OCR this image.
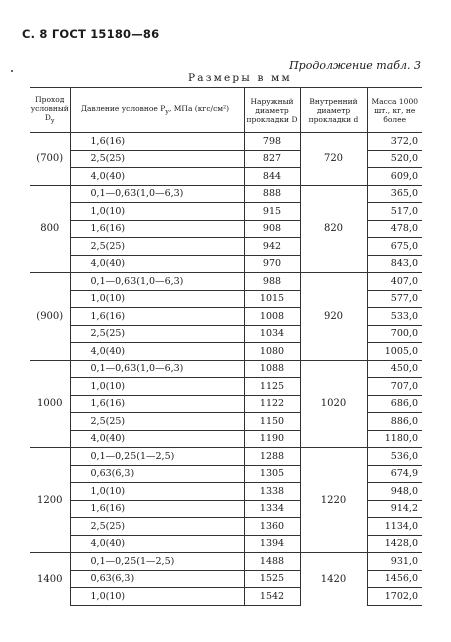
С. 8 ГОСТ 15180—86
Продолжение табл. 3
Размеры в мм
Проход условный $D_у$	Давление условное $P_у$, МПа (кгс/см²)	Наружный диаметр прокладки D	Внутренний диаметр прокладки d	Масса 1000 шт., кг, не более
(700)	1,6(16)	798	720	372,0
	2,5(25)	827		520,0
	4,0(40)	844		609,0
800	0,1—0,63(1,0—6,3)	888	820	365,0
	1,0(10)	915		517,0
	1,6(16)	908		478,0
	2,5(25)	942		675,0
	4,0(40)	970		843,0
(900)	0,1—0,63(1,0—6,3)	988	920	407,0
	1,0(10)	1015		577,0
	1,6(16)	1008		533,0
	2,5(25)	1034		700,0
	4,0(40)	1080		1005,0
1000	0,1—0,63(1,0—6,3)	1088	1020	450,0
	1,0(10)	1125		707,0
	1,6(16)	1122		686,0
	2,5(25)	1150		886,0
	4,0(40)	1190		1180,0
1200	0,1—0,25(1—2,5)	1288	1220	536,0
	0,63(6,3)	1305		674,9
	1,0(10)	1338		948,0
	1,6(16)	1334		914,2
	2,5(25)	1360		1134,0
	4,0(40)	1394		1428,0
1400	0,1—0,25(1—2,5)	1488	1420	931,0
	0,63(6,3)	1525		1456,0
	1,0(10)	1542		1702,0
